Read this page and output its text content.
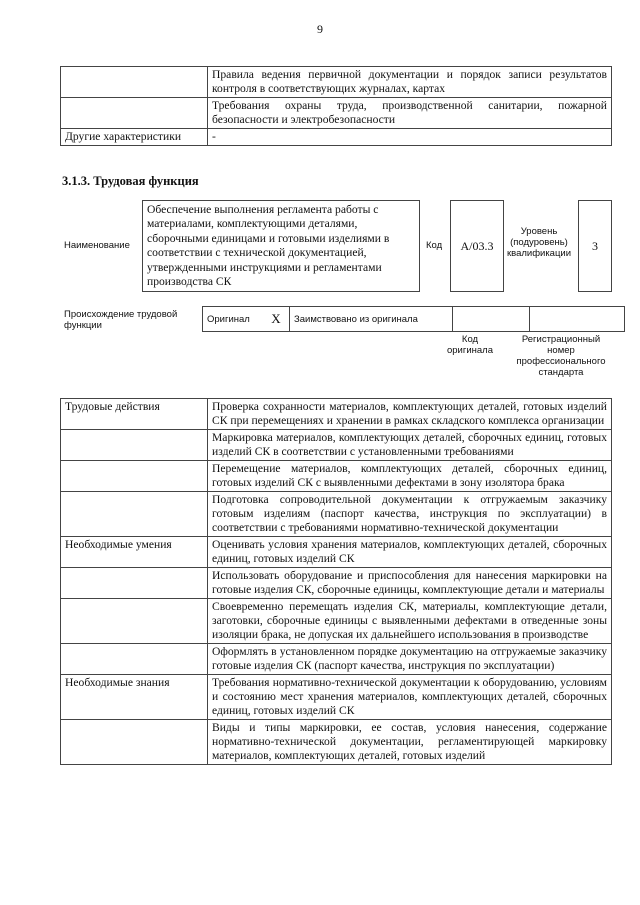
9
	Правила ведения первичной документации и порядок записи результатов контроля в соответствующих журналах, картах
	Требования охраны труда, производственной санитарии, пожарной безопасности и электробезопасности
Другие характеристики	-
3.1.3. Трудовая функция
Наименование
Обеспечение выполнения регламента работы с материалами, комплектующими деталями, сборочными единицами и готовыми изделиями в соответствии с технической документацией, утвержденными инструкциями и регламентами производства СК
Код А/03.3
Уровень (подуровень) квалификации
3
Происхождение трудовой функции
Оригинал	X	Заимствовано из оригинала		
Код оригинала
Регистрационный номер профессионального стандарта
Трудовые действия	Проверка сохранности материалов, комплектующих деталей, готовых изделий СК при перемещениях и хранении в рамках складского комплекса организации
	Маркировка материалов, комплектующих деталей, сборочных единиц, готовых изделий СК в соответствии с установленными требованиями
	Перемещение материалов, комплектующих деталей, сборочных единиц, готовых изделий СК с выявленными дефектами в зону изолятора брака
	Подготовка сопроводительной документации к отгружаемым заказчику готовым изделиям (паспорт качества, инструкция по эксплуатации) в соответствии с требованиями нормативно-технической документации
Необходимые умения	Оценивать условия хранения материалов, комплектующих деталей, сборочных единиц, готовых изделий СК
	Использовать оборудование и приспособления для нанесения маркировки на готовые изделия СК, сборочные единицы, комплектующие детали и материалы
	Своевременно перемещать изделия СК, материалы, комплектующие детали, заготовки, сборочные единицы с выявленными дефектами в отведенные зоны изоляции брака, не допуская их дальнейшего использования в производстве
	Оформлять в установленном порядке документацию на отгружаемые заказчику готовые изделия СК (паспорт качества, инструкция по эксплуатации)
Необходимые знания	Требования нормативно-технической документации к оборудованию, условиям и состоянию мест хранения материалов, комплектующих деталей, сборочных единиц, готовых изделий СК
	Виды и типы маркировки, ее состав, условия нанесения, содержание нормативно-технической документации, регламентирующей маркировку материалов, комплектующих деталей, готовых изделий
